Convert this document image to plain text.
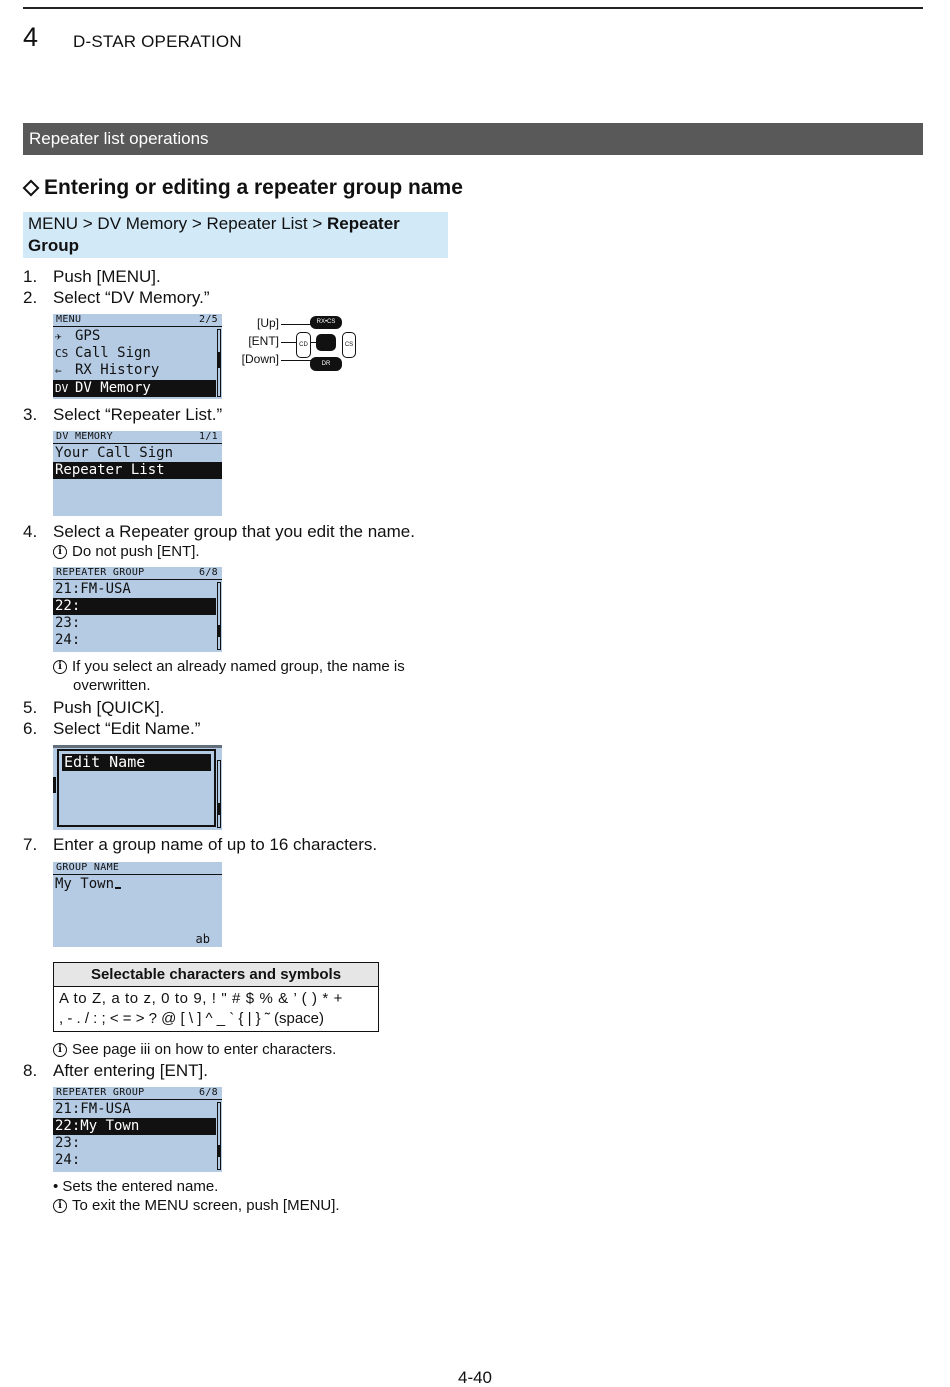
4 D-STAR OPERATION
Repeater list operations
Entering or editing a repeater group name
MENU > DV Memory > Repeater List > Repeater Group
1. Push [MENU].
2. Select “DV Memory.”
MENU	2/5
✈ GPS
CS Call Sign
⇐ RX History
DV DV Memory
[Up]
[ENT]
[Down]
CD	CS
RX•CS
DR
3. Select “Repeater List.”
DV MEMORY	1/1
Your Call Sign
Repeater List
4. Select a Repeater group that you edit the name.
i Do not push [ENT].
REPEATER GROUP	6/8
21:FM-USA
22:
23:
24:
i If you select an already named group, the name is
overwritten.
5. Push [QUICK].
6. Select “Edit Name.”
Edit Name
7. Enter a group name of up to 16 characters.
GROUP NAME
My Town
ab
Selectable characters and symbols
A to Z, a to z, 0 to 9, ! " # $ % & ’ ( ) * +
, - . / : ; < = > ? @ [ \ ] ^ _ ` { | } ˜ (space)
i See page iii on how to enter characters.
8. After entering [ENT].
REPEATER GROUP	6/8
21:FM-USA
22:My Town
23:
24:
• Sets the entered name.
i To exit the MENU screen, push [MENU].
4-40
